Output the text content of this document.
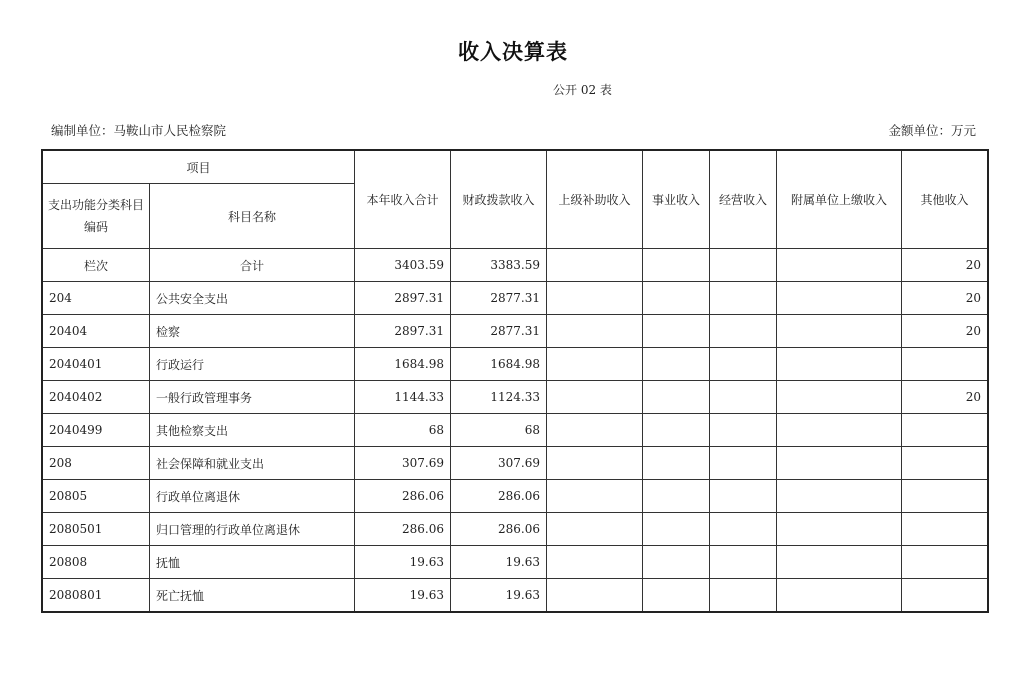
收入决算表
公开 02 表
编制单位：马鞍山市人民检察院	金额单位：万元
项目		本年收入合计	财政拨款收入	上级补助收入	事业收入	经营收入	附属单位上缴收入	其他收入
支出功能分类科目编码	科目名称							
栏次	合计	3403.59	3383.59					20
204	公共安全支出	2897.31	2877.31					20
20404	检察	2897.31	2877.31					20
2040401	行政运行	1684.98	1684.98					
2040402	一般行政管理事务	1144.33	1124.33					20
2040499	其他检察支出	68	68					
208	社会保障和就业支出	307.69	307.69					
20805	行政单位离退休	286.06	286.06					
2080501	归口管理的行政单位离退休	286.06	286.06					
20808	抚恤	19.63	19.63					
2080801	死亡抚恤	19.63	19.63					
